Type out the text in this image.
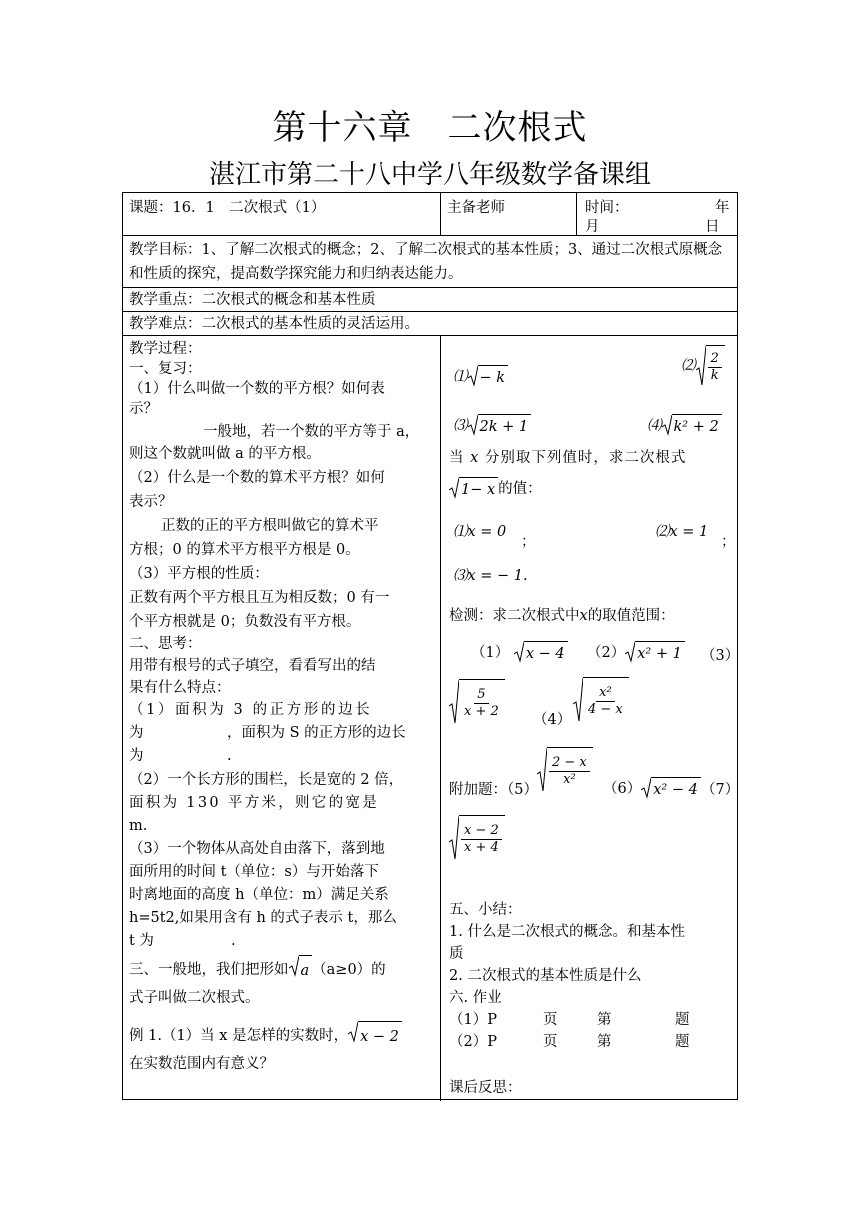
第十六章　二次根式
湛江市第二十八中学八年级数学备课组
课题：16．1　二次根式（1）	主备老师	时间：	年
月	日
教学目标：1、了解二次根式的概念；2、了解二次根式的基本性质；3、通过二次根式原概念和性质的探究，提高数学探究能力和归纳表达能力。
教学重点：二次根式的概念和基本性质
教学难点：二次根式的基本性质的灵活运用。
教学过程：
一、复习：
（1）什么叫做一个数的平方根？如何表
示？
一般地，若一个数的平方等于 a，
则这个数就叫做 a 的平方根。
（2）什么是一个数的算术平方根？如何
表示？
正数的正的平方根叫做它的算术平
方根；0 的算术平方根平方根是 0。
（3）平方根的性质：
正数有两个平方根且互为相反数；0 有一
个平方根就是 0；负数没有平方根。
二、思考：
用带有根号的式子填空，看看写出的结
果有什么特点：
（1）面积为 3 的正方形的边长
为	，面积为 S 的正方形的边长
为	.
（2）一个长方形的围栏，长是宽的 2 倍，
面积为 130 平方米，则它的宽是
m.
（3）一个物体从高处自由落下，落到地
面所用的时间 t（单位：s）与开始落下
时离地面的高度 h（单位：m）满足关系
h=5t2,如果用含有 h 的式子表示 t，那么
t 为	.
三、一般地，我们把形如 a （a≥0）的
式子叫做二次根式。
例 1.（1）当 x 是怎样的实数时， x − 2
在实数范围内有意义？
⑴ − k
⑵ $\frac{2}{k}$
⑶ 2k + 1	⑷ k² + 2
当 x 分别取下列值时，求二次根式
1− x 的值：
⑴x = 0
；
⑵x = 1
；
⑶x = − 1.
检测：求二次根式中x的取值范围：
（1） x − 4 （2） x² + 1 （3）
$\frac{5}{x + 2}$
（4）
$\frac{\text{x²}}{4 - x}$
附加题：（5）
$\frac{2 - x}{\text{x²}}$
（6） x² − 4 （7）
$\frac{x - 2}{x + 4}$
五、小结：
1. 什么是二次根式的概念。和基本性
质
2. 二次根式的基本性质是什么
六. 作业
（1）P	页	第	题
（2）P	页	第	题
课后反思：
